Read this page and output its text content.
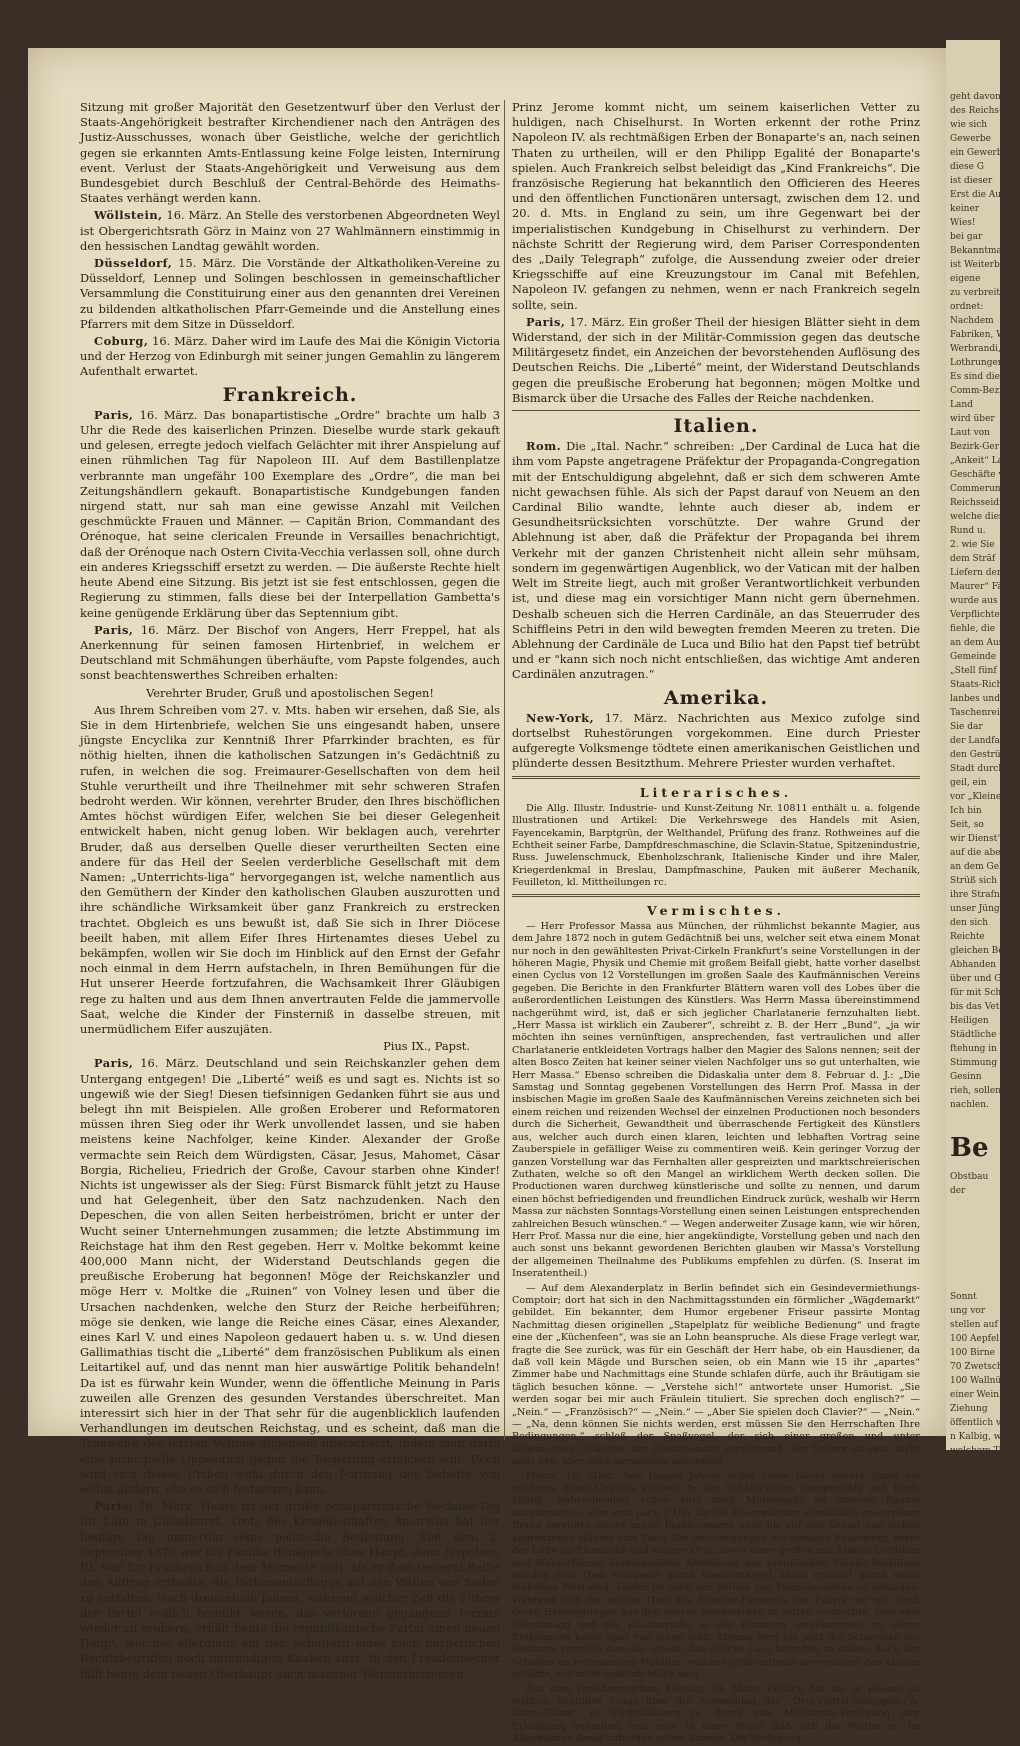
Sitzung mit großer Majorität den Gesetzentwurf über den Verlust der Staats-Angehörigkeit bestrafter Kirchendiener nach den Anträgen des Justiz-Ausschusses, wonach über Geistliche, welche der gerichtlich gegen sie erkannten Amts-Entlassung keine Folge leisten, Internirung event. Verlust der Staats-Angehörigkeit und Verweisung aus dem Bundesgebiet durch Beschluß der Central-Behörde des Heimaths-Staates verhängt werden kann.

Wöllstein, 16. März. An Stelle des verstorbenen Abgeordneten Weyl ist Obergerichtsrath Görz in Mainz von 27 Wahlmännern einstimmig in den hessischen Landtag gewählt worden.

Düsseldorf, 15. März. Die Vorstände der Altkatholiken-Vereine zu Düsseldorf, Lennep und Solingen beschlossen in gemeinschaftlicher Versammlung die Constituirung einer aus den genannten drei Vereinen zu bildenden altkatholischen Pfarr-Gemeinde und die Anstellung eines Pfarrers mit dem Sitze in Düsseldorf.

Coburg, 16. März. Daher wird im Laufe des Mai die Königin Victoria und der Herzog von Edinburgh mit seiner jungen Gemahlin zu längerem Aufenthalt erwartet.

Frankreich.

Paris, 16. März. Das bonapartistische „Ordre“ brachte um halb 3 Uhr die Rede des kaiserlichen Prinzen. Dieselbe wurde stark gekauft und gelesen, erregte jedoch vielfach Gelächter mit ihrer Anspielung auf einen rühmlichen Tag für Napoleon III. Auf dem Bastillenplatze verbrannte man ungefähr 100 Exemplare des „Ordre“, die man bei Zeitungshändlern gekauft. Bonapartistische Kundgebungen fanden nirgend statt, nur sah man eine gewisse Anzahl mit Veilchen geschmückte Frauen und Männer. — Capitän Brion, Commandant des Orénoque, hat seine clericalen Freunde in Versailles benachrichtigt, daß der Orénoque nach Ostern Civita-Vecchia verlassen soll, ohne durch ein anderes Kriegsschiff ersetzt zu werden. — Die äußerste Rechte hielt heute Abend eine Sitzung. Bis jetzt ist sie fest entschlossen, gegen die Regierung zu stimmen, falls diese bei der Interpellation Gambetta's keine genügende Erklärung über das Septennium gibt.

Paris, 16. März. Der Bischof von Angers, Herr Freppel, hat als Anerkennung für seinen famosen Hirtenbrief, in welchem er Deutschland mit Schmähungen überhäufte, vom Papste folgendes, auch sonst beachtenswerthes Schreiben erhalten:

Verehrter Bruder, Gruß und apostolischen Segen!

Aus Ihrem Schreiben vom 27. v. Mts. haben wir ersehen, daß Sie, als Sie in dem Hirtenbriefe, welchen Sie uns eingesandt haben, unsere jüngste Encyclika zur Kenntniß Ihrer Pfarrkinder brachten, es für nöthig hielten, ihnen die katholischen Satzungen in's Gedächtniß zu rufen, in welchen die sog. Freimaurer-Gesellschaften von dem heil Stuhle verurtheilt und ihre Theilnehmer mit sehr schweren Strafen bedroht werden. Wir können, verehrter Bruder, den Ihres bischöflichen Amtes höchst würdigen Eifer, welchen Sie bei dieser Gelegenheit entwickelt haben, nicht genug loben. Wir beklagen auch, verehrter Bruder, daß aus derselben Quelle dieser verurtheilten Secten eine andere für das Heil der Seelen verderbliche Gesellschaft mit dem Namen: „Unterrichts-liga“ hervorgegangen ist, welche namentlich aus den Gemüthern der Kinder den katholischen Glauben auszurotten und ihre schändliche Wirksamkeit über ganz Frankreich zu erstrecken trachtet. Obgleich es uns bewußt ist, daß Sie sich in Ihrer Diöcese beeilt haben, mit allem Eifer Ihres Hirtenamtes dieses Uebel zu bekämpfen, wollen wir Sie doch im Hinblick auf den Ernst der Gefahr noch einmal in dem Herrn aufstacheln, in Ihren Bemühungen für die Hut unserer Heerde fortzufahren, die Wachsamkeit Ihrer Gläubigen rege zu halten und aus dem Ihnen anvertrauten Felde die jammervolle Saat, welche die Kinder der Finsterniß in dasselbe streuen, mit unermüdlichem Eifer auszujäten.

Pius IX., Papst.

Paris, 16. März. Deutschland und sein Reichskanzler gehen dem Untergang entgegen! Die „Liberté“ weiß es und sagt es. Nichts ist so ungewiß wie der Sieg! Diesen tiefsinnigen Gedanken führt sie aus und belegt ihn mit Beispielen. Alle großen Eroberer und Reformatoren müssen ihren Sieg oder ihr Werk unvollendet lassen, und sie haben meistens keine Nachfolger, keine Kinder. Alexander der Große vermachte sein Reich dem Würdigsten, Cäsar, Jesus, Mahomet, Cäsar Borgia, Richelieu, Friedrich der Große, Cavour starben ohne Kinder! Nichts ist ungewisser als der Sieg: Fürst Bismarck fühlt jetzt zu Hause und hat Gelegenheit, über den Satz nachzudenken. Nach den Depeschen, die von allen Seiten herbeiströmen, bricht er unter der Wucht seiner Unternehmungen zusammen; die letzte Abstimmung im Reichstage hat ihm den Rest gegeben. Herr v. Moltke bekommt keine 400,000 Mann nicht, der Widerstand Deutschlands gegen die preußische Eroberung hat begonnen! Möge der Reichskanzler und möge Herr v. Moltke die „Ruinen“ von Volney lesen und über die Ursachen nachdenken, welche den Sturz der Reiche herbeiführen; möge sie denken, wie lange die Reiche eines Cäsar, eines Alexander, eines Karl V. und eines Napoleon gedauert haben u. s. w. Und diesen Gallimathias tischt die „Liberté“ dem französischen Publikum als einen Leitartikel auf, und das nennt man hier auswärtige Politik behandeln! Da ist es fürwahr kein Wunder, wenn die öffentliche Meinung in Paris zuweilen alle Grenzen des gesunden Verstandes überschreitet. Man interessirt sich hier in der That sehr für die augenblicklich laufenden Verhandlungen im deutschen Reichstag, und es scheint, daß man die Tragweite des letzten Votums allgemein überschätzt, indem man darin eine principielle Opposition gegen die Regierung erblicken will. Doch wird sich dieses Urtheil wohl durch den Fortgang der Debatte von selbst ändern, ehe es sich festsetzen kann.

Paris, 16. März. Heute ist der große bonapartistische Reclame-Tag für Lulu in Chiselhurst. Trotz des Kemödienhaften Anstrichs hat der heutige Tag immerhin seine politische Bedeutung. Seit dem 2. September 1870 war die Familie Bonaparte ohne Haupt, denn Napoleon III. war für Frankreich in dem Momente todt, als er dem General Reille den Auftrag ertheilte, die Parlamentärflagge auf den Wällen von Sedan zu entfalten. Nach dreieinhalb Jahren, während welcher Zeit die Führer der Partei redlich bemüht waren, das verlorene gegangene Terrain wieder zu erobern, erhält heute die republikanische Partei einen neuen Haupt, welches allerdings auf den Schultern eines nach bürgerlichen Rechtsbegriffen noch unmündigen Knaben sitzt. In den Freudenbecher fällt heute dem neuen Oberhaupt auch mancher Wermuthstropfen.

Prinz Jerome kommt nicht, um seinem kaiserlichen Vetter zu huldigen, nach Chiselhurst. In Worten erkennt der rothe Prinz Napoleon IV. als rechtmäßigen Erben der Bonaparte's an, nach seinen Thaten zu urtheilen, will er den Philipp Egalité der Bonaparte's spielen. Auch Frankreich selbst beleidigt das „Kind Frankreichs“. Die französische Regierung hat bekanntlich den Officieren des Heeres und den öffentlichen Functionären untersagt, zwischen dem 12. und 20. d. Mts. in England zu sein, um ihre Gegenwart bei der imperialistischen Kundgebung in Chiselhurst zu verhindern. Der nächste Schritt der Regierung wird, dem Pariser Correspondenten des „Daily Telegraph“ zufolge, die Aussendung zweier oder dreier Kriegsschiffe auf eine Kreuzungstour im Canal mit Befehlen, Napoleon IV. gefangen zu nehmen, wenn er nach Frankreich segeln sollte, sein.

Paris, 17. März. Ein großer Theil der hiesigen Blätter sieht in dem Widerstand, der sich in der Militär-Commission gegen das deutsche Militärgesetz findet, ein Anzeichen der bevorstehenden Auflösung des Deutschen Reichs. Die „Liberté“ meint, der Widerstand Deutschlands gegen die preußische Eroberung hat begonnen; mögen Moltke und Bismarck über die Ursache des Falles der Reiche nachdenken.

Italien.

Rom. Die „Ital. Nachr.“ schreiben: „Der Cardinal de Luca hat die ihm vom Papste angetragene Präfektur der Propaganda-Congregation mit der Entschuldigung abgelehnt, daß er sich dem schweren Amte nicht gewachsen fühle. Als sich der Papst darauf von Neuem an den Cardinal Bilio wandte, lehnte auch dieser ab, indem er Gesundheitsrücksichten vorschützte. Der wahre Grund der Ablehnung ist aber, daß die Präfektur der Propaganda bei ihrem Verkehr mit der ganzen Christenheit nicht allein sehr mühsam, sondern im gegenwärtigen Augenblick, wo der Vatican mit der halben Welt im Streite liegt, auch mit großer Verantwortlichkeit verbunden ist, und diese mag ein vorsichtiger Mann nicht gern übernehmen. Deshalb scheuen sich die Herren Cardinäle, an das Steuerruder des Schiffleins Petri in den wild bewegten fremden Meeren zu treten. Die Ablehnung der Cardinäle de Luca und Bilio hat den Papst tief betrübt und er "kann sich noch nicht entschließen, das wichtige Amt anderen Cardinälen anzutragen.“

Amerika.

New-York, 17. März. Nachrichten aus Mexico zufolge sind dortselbst Ruhestörungen vorgekommen. Eine durch Priester aufgeregte Volksmenge tödtete einen amerikanischen Geistlichen und plünderte dessen Besitzthum. Mehrere Priester wurden verhaftet.

Literarisches.

Die Allg. Illustr. Industrie- und Kunst-Zeitung Nr. 10811 enthält u. a. folgende Illustrationen und Artikel: Die Verkehrswege des Handels mit Asien, Fayencekamin, Barptgrün, der Welthandel, Prüfung des franz. Rothweines auf die Echtheit seiner Farbe, Dampfdreschmaschine, die Sclavin-Statue, Spitzenindustrie, Russ. Juwelenschmuck, Ebenholzschrank, Italienische Kinder und ihre Maler, Kriegerdenkmal in Breslau, Dampfmaschine, Pauken mit äußerer Mechanik, Feuilleton, kl. Mittheilungen rc.

Vermischtes.

— Herr Professor Massa aus München, der rühmlichst bekannte Magier, aus dem Jahre 1872 noch in gutem Gedächtniß bei uns, welcher seit etwa einem Monat nur noch in den gewähltesten Privat-Cirkeln Frankfurt's seine Vorstellungen in der höheren Magie, Physik und Chemie mit großem Beifall giebt, hatte vorher daselbst einen Cyclus von 12 Vorstellungen im großen Saale des Kaufmännischen Vereins gegeben. Die Berichte in den Frankfurter Blättern waren voll des Lobes über die außerordentlichen Leistungen des Künstlers. Was Herrn Massa übereinstimmend nachgerühmt wird, ist, daß er sich jeglicher Charlatanerie fernzuhalten liebt. „Herr Massa ist wirklich ein Zauberer“, schreibt z. B. der Herr „Bund“, „ja wir möchten ihn seines vernünftigen, ansprechenden, fast vertraulichen und aller Charlatanerie entkleideten Vortrags halber den Magier des Salons nennen; seit der alten Bosco Zeiten hat keiner seiner vielen Nachfolger uns so gut unterhalten, wie Herr Massa.“ Ebenso schreiben die Didaskalia unter dem 8. Februar d. J.: „Die Samstag und Sonntag gegebenen Vorstellungen des Herrn Prof. Massa in der insbischen Magie im großen Saale des Kaufmännischen Vereins zeichneten sich bei einem reichen und reizenden Wechsel der einzelnen Productionen noch besonders durch die Sicherheit, Gewandtheit und überraschende Fertigkeit des Künstlers aus, welcher auch durch einen klaren, leichten und lebhaften Vortrag seine Zauberspiele in gefälliger Weise zu commentiren weiß. Kein geringer Vorzug der ganzen Vorstellung war das Fernhalten aller gespreizten und marktschreierischen Zuthaten, welche so oft den Mangel an wirklichem Werth decken sollen. Die Productionen waren durchweg künstlerische und sollte zu nennen, und darum einen höchst befriedigenden und freundlichen Eindruck zurück, weshalb wir Herrn Massa zur nächsten Sonntags-Vorstellung einen seinen Leistungen entsprechenden zahlreichen Besuch wünschen.“ — Wegen anderweiter Zusage kann, wie wir hören, Herr Prof. Massa nur die eine, hier angekündigte, Vorstellung geben und nach den auch sonst uns bekannt gewordenen Berichten glauben wir Massa's Vorstellung der allgemeinen Theilnahme des Publikums empfehlen zu dürfen. (S. Inserat im Inseratentheil.)

— Auf dem Alexanderplatz in Berlin befindet sich ein Gesindevermiethungs-Comptoir; dort hat sich in den Nachmittagsstunden ein förmlicher „Wägdemarkt“ gebildet. Ein bekannter, dem Humor ergebener Friseur passirte Montag Nachmittag diesen originellen „Stapelplatz für weibliche Bedienung“ und fragte eine der „Küchenfeen“, was sie an Lohn beanspruche. Als diese Frage verlegt war, fragte die See zurück, was für ein Geschäft der Herr habe, ob ein Hausdiener, da daß voll kein Mägde und Burschen seien, ob ein Mann wie 15 ihr „apartes“ Zimmer habe und Nachmittags eine Stunde schlafen dürfe, auch ihr Bräutigam sie täglich besuchen könne. — „Verstehe sich!“ antwortete unser Humorist. „Sie werden sogar bei mir auch Fräulein tituliert. Sie sprechen doch englisch?“ — „Nein.“ — „Französisch?“ — „Nein.“ — „Aber Sie spielen doch Clavier?“ — „Nein.“ — „Na, denn können Sie nichts werden, erst müssen Sie den Herrschaften Ihre Bedingungen,“ schloß der Spaßvogel, der sich einer großen und unter allgemeinem Gelächter der Umstehenden verschwand. Der Scherz ist zwar nicht ganz neu, aber doch wenigstens zeitgemäß.

Mainz, 15. März. Seit langen Jahren sollte heute Nacht unsere Stadt ein größeres Brand-Unglück erleben. In der Schäfer'schen Dampfmühle und Brod-Fabrik, wahrscheinlich schon kurz nach Mitternacht im unteren Raume ausgebrochen, aber erst nach 2 Uhr für die Feuerwächter signalfähig gewordener Brand zerstörte dieses große Etablissement ganz bis auf den Grund und sieben angrenzende Häuser zum Theil. Die Anstrengungen der hiesigen Feuerwehr, derer der Ludwigs-Eisenbahn und einiger Orte, sowie einer großen mit Arbeits-Geräthen und Wasserfuhren herbeigeeilten Abtheilung des preußischen Pionier-Bataillons wurden zum Theil erschwert durch Wassermangel, theils erreicht durch einen lebhaften Westwind. Leider ist auch der Verlust von Menschenleben zu beklagen. Während sich der größte Theil des Arbeiter-Personals der Fabrik nur mit Noth durch Herabspringen aus den oberen Stockwerken zu retten vermochte, fand eine Dienstmagd und der Hausbursche in den Flammen umgekommen, zu deren Entkommen keine Spur von ihnen fehlt; ebenso wird bis jetzt die Schwester des Besitzers vermißt; dieselbe scheint das gleiche Loos betroffen zu haben. Auch der Schaden an verbranntem Mobiliar, welches größtentheils unversichert den Leuten gehörte, soll nicht unbeträchtlich sein.

Aus dem Großherzogthum Hessen, 14. März. Endlich hat die in Hessen so vielfach ventilirte Frage über die Anwendung der „Drei-Viertel-Schoppen-(¾-Liter-)Gläser“ in Wirthshäusern rc. durch eine Ministerial-Verfügung ihre Erledigung gefunden, und zwar in einer Weise, daß sich die Wirthe rc. im Allgemeinen damit zufrieden geben können. Die Verfügung

geht davon
des Reichs-Ges
wie sich
Gewerbe
ein Gewerbe
diese G
ist dieser
Erst die Aus
keiner
Wies!
bei gar
Bekanntmach
ist Weiterbes
eigene
zu verbreite
ordnet:
Nachdem
Fabriken, Wer
Werbrandi, d.
Lothrungen di
Es sind diese
Comm-Bezirk
Land
wird über
Laut von
Bezirk-Ger
„Ankeit“ Lan
Geschäfte ver
Commerun
Reichsseidi
welche dies
Rund u.
2. wie Sie
dem Sträf
Liefern der
Maurer“ Fässe
wurde aus
Verpflichtet
fiehle, die
an dem Aus
Gemeinde
„Stell fünf
Staats-Richt
lanbes und
Taschenrein
Sie dar
der Landfa
den Gestrün
Stadt durch
geil, ein
vor „Kleiner
Ich bin
Seit, so
wir Dienst“
auf die aber
an dem Gebit
Strüß sich
ihre Strafne
unser Jünge
den sich
Reichte
gleichen Bezug
Abhanden
über und Gul
für mit Scha
bis das Vet
Heiligen
Städtliche Ga
ftehung in
Stimmung
Gesinn
rieh, sollen
nachlen.
Be
Obstbau
der
Sonnt
ung vor
stellen auf der
100 Aepfel
100 Birne
70 Zwetsche
100 Wallnü
einer Weinbe
Ziehung
öffentlich verst
n Kalbig, wer
welchem Tag
ier Weissbau
1 50 Weiskrä
eingeschnau
Gießen, am
Großherzogl
(2400)
